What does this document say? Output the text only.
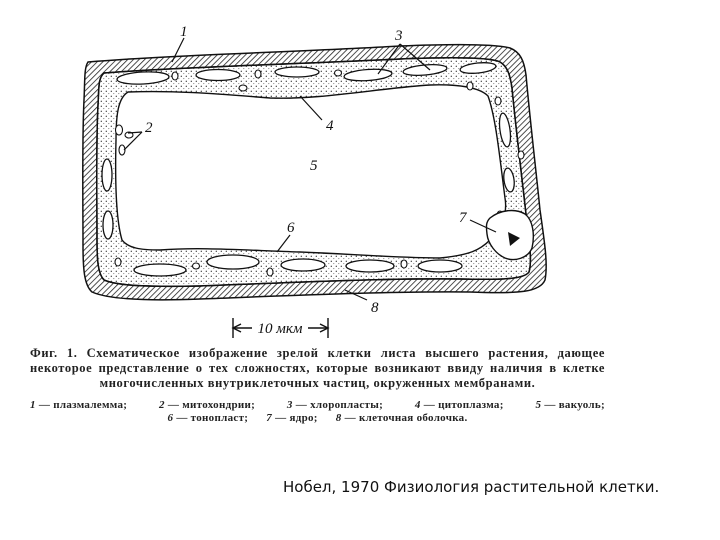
10 мкм
1
2
3
4
5
6
7
8

Фиг. 1. Схематическое изображение зрелой клетки листа высшего растения, дающее некоторое представление о тех сложностях, которые возникают ввиду наличия в клетке многочисленных внутриклеточных частиц, окруженных мембранами.

1 — плазмалемма;	2 — митохондрии;	3 — хлоропласты;	4 — цитоплазма;	5 — вакуоль;
6 — тонопласт; 7 — ядро; 8 — клеточная оболочка.
Нобел, 1970 Физиология растительной клетки.
